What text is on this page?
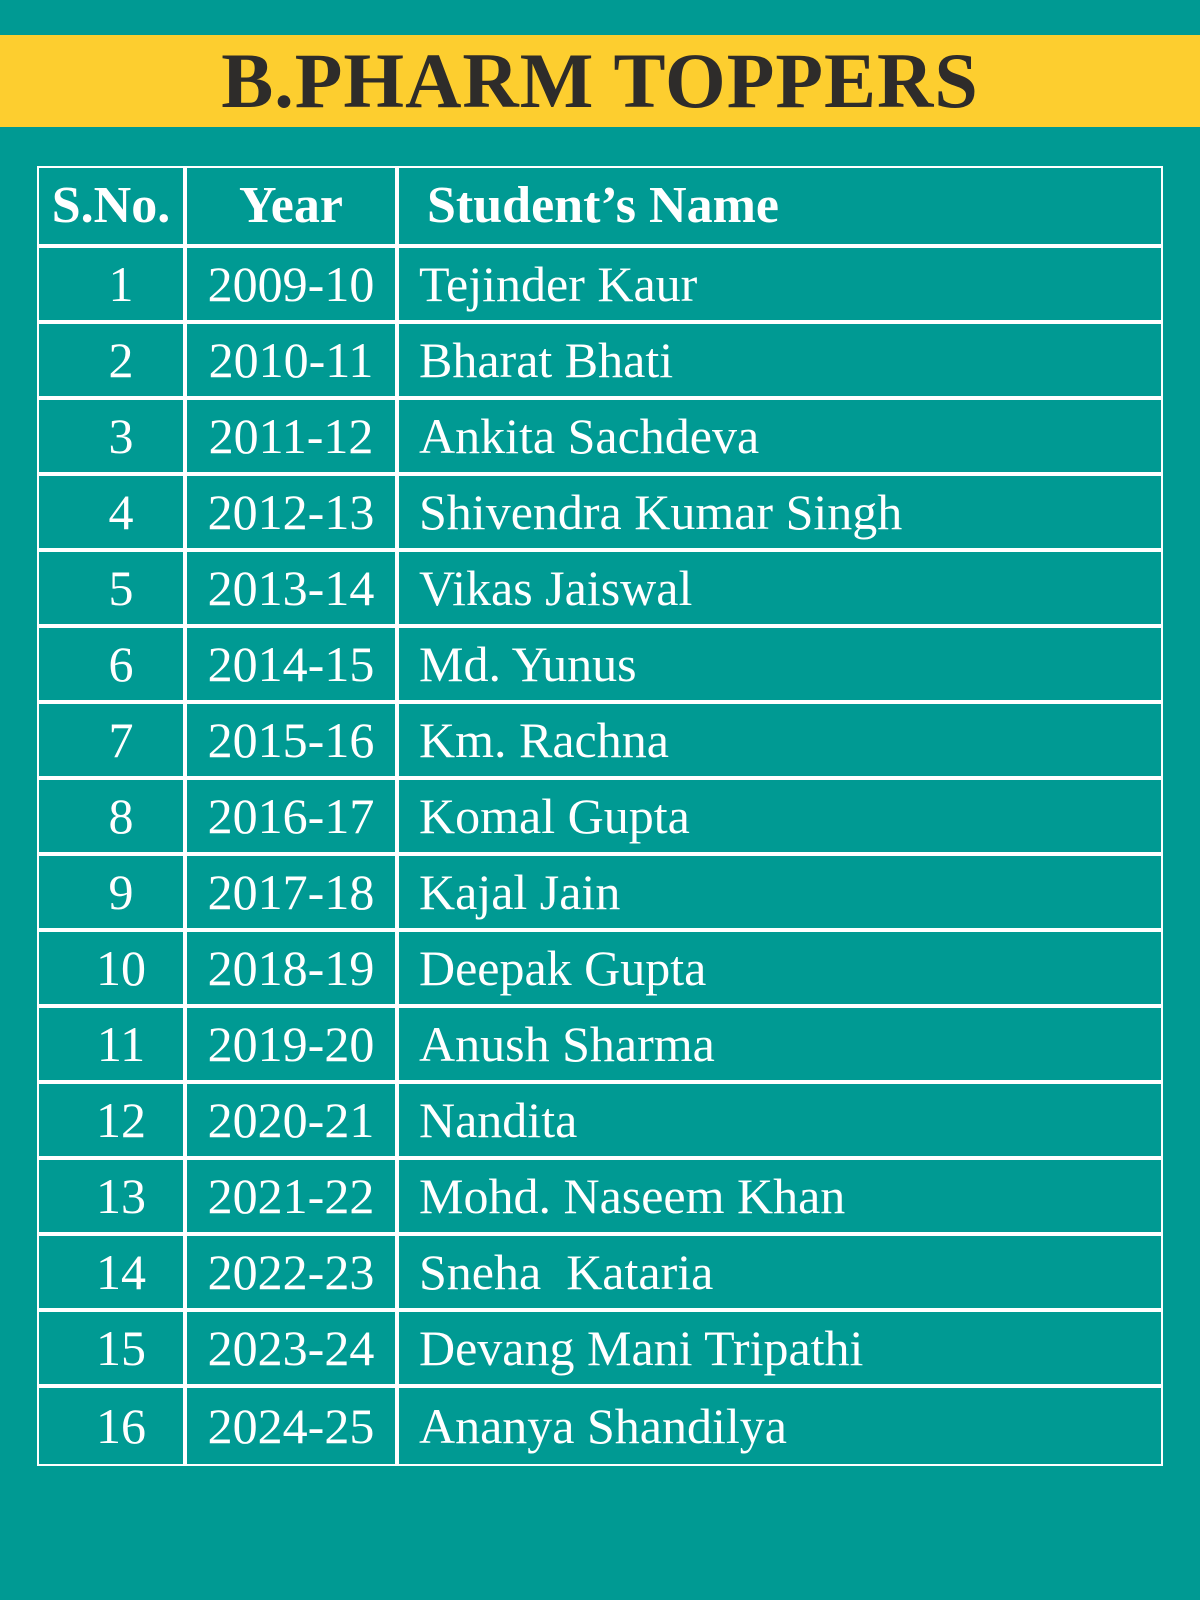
B.PHARM TOPPERS
S.No.	Year	Student’s Name
1	2009-10	Tejinder Kaur
2	2010-11	Bharat Bhati
3	2011-12	Ankita Sachdeva
4	2012-13	Shivendra Kumar Singh
5	2013-14	Vikas Jaiswal
6	2014-15	Md. Yunus
7	2015-16	Km. Rachna
8	2016-17	Komal Gupta
9	2017-18	Kajal Jain
10	2018-19	Deepak Gupta
11	2019-20	Anush Sharma
12	2020-21	Nandita
13	2021-22	Mohd. Naseem Khan
14	2022-23	Sneha  Kataria
15	2023-24	Devang Mani Tripathi
16	2024-25	Ananya Shandilya
